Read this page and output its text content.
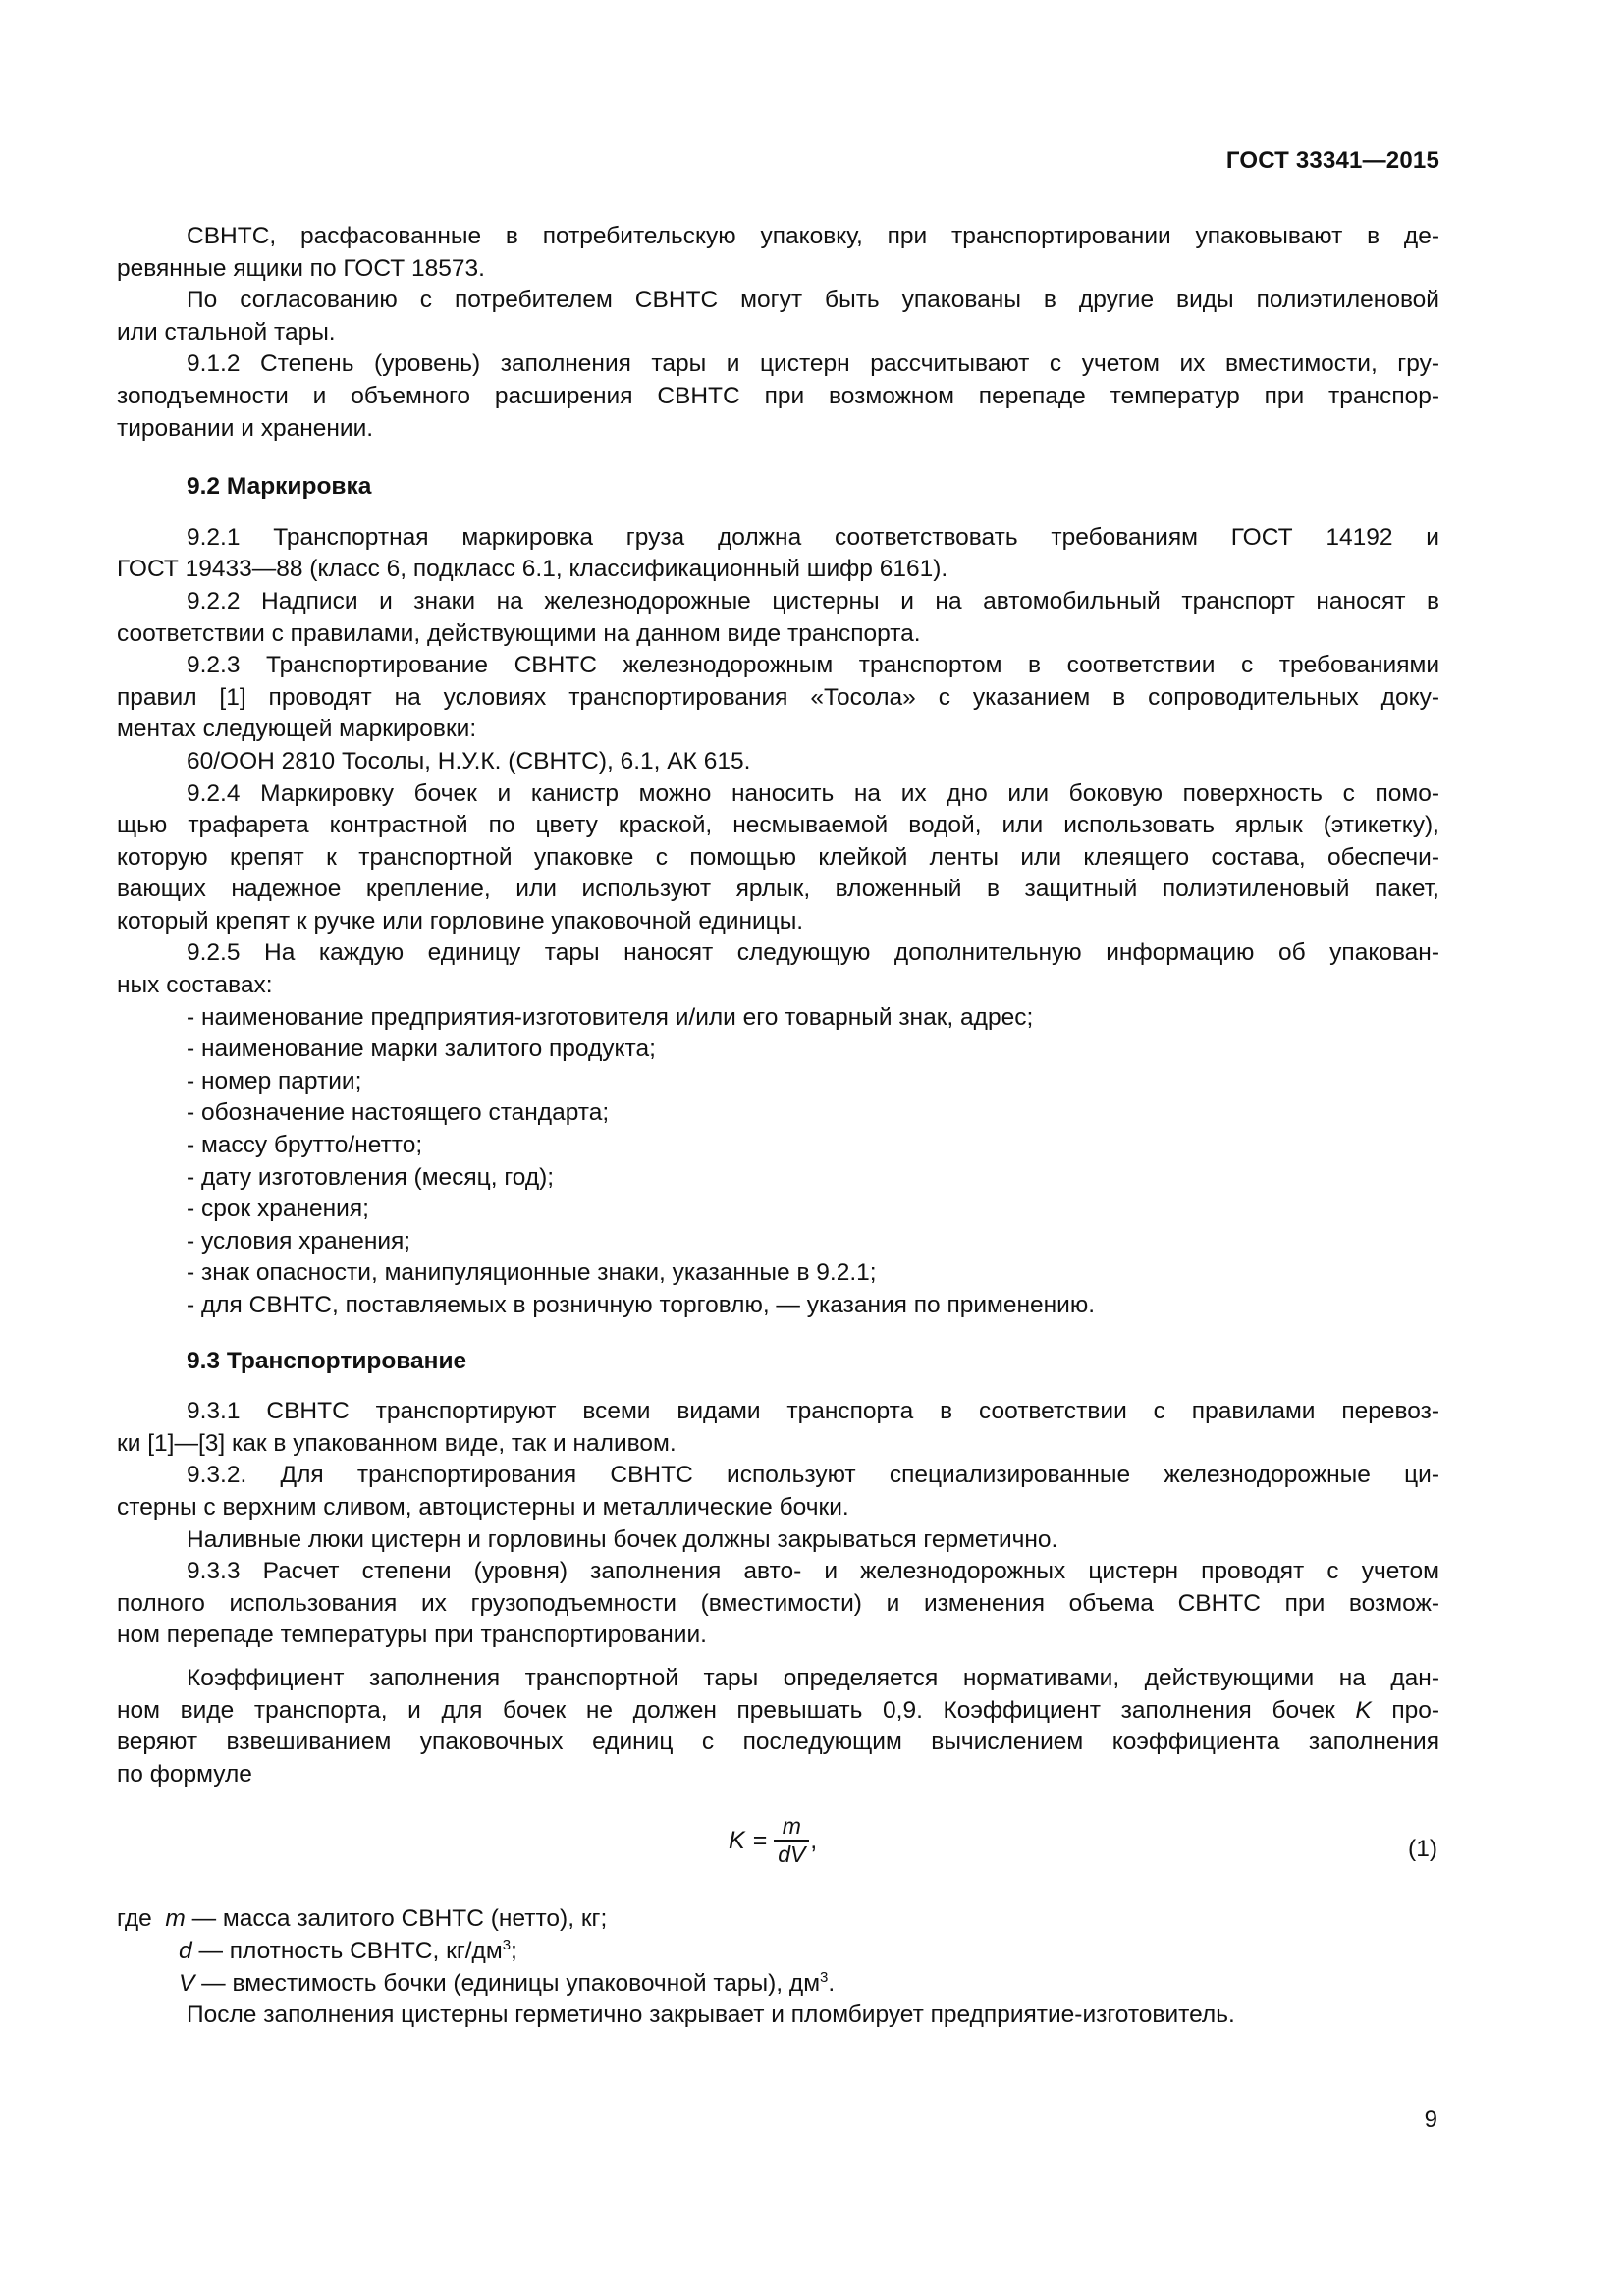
ГОСТ 33341—2015
СВНТС, расфасованные в потребительскую упаковку, при транспортировании упаковывают в де-
ревянные ящики по ГОСТ 18573.
По согласованию с потребителем СВНТС могут быть упакованы в другие виды полиэтиленовой
или стальной тары.
9.1.2 Степень (уровень) заполнения тары и цистерн рассчитывают с учетом их вместимости, гру-
зоподъемности и объемного расширения СВНТС при возможном перепаде температур при транспор-
тировании и хранении.
9.2 Маркировка
9.2.1 Транспортная маркировка груза должна соответствовать требованиям ГОСТ 14192 и
ГОСТ 19433—88 (класс 6, подкласс 6.1, классификационный шифр 6161).
9.2.2 Надписи и знаки на железнодорожные цистерны и на автомобильный транспорт наносят в
соответствии с правилами, действующими на данном виде транспорта.
9.2.3 Транспортирование СВНТС железнодорожным транспортом в соответствии с требованиями
правил [1] проводят на условиях транспортирования «Тосола» с указанием в сопроводительных доку-
ментах следующей маркировки:
60/ООН 2810 Тосолы, Н.У.К. (СВНТС), 6.1, АК 615.
9.2.4 Маркировку бочек и канистр можно наносить на их дно или боковую поверхность с помо-
щью трафарета контрастной по цвету краской, несмываемой водой, или использовать ярлык (этикетку),
которую крепят к транспортной упаковке с помощью клейкой ленты или клеящего состава, обеспечи-
вающих надежное крепление, или используют ярлык, вложенный в защитный полиэтиленовый пакет,
который крепят к ручке или горловине упаковочной единицы.
9.2.5 На каждую единицу тары наносят следующую дополнительную информацию об упакован-
ных составах:
- наименование предприятия-изготовителя и/или его товарный знак, адрес;
- наименование марки залитого продукта;
- номер партии;
- обозначение настоящего стандарта;
- массу брутто/нетто;
- дату изготовления (месяц, год);
- срок хранения;
- условия хранения;
- знак опасности, манипуляционные знаки, указанные в 9.2.1;
- для СВНТС, поставляемых в розничную торговлю, — указания по применению.
9.3 Транспортирование
9.3.1 СВНТС транспортируют всеми видами транспорта в соответствии с правилами перевоз-
ки [1]—[3] как в упакованном виде, так и наливом.
9.3.2. Для транспортирования СВНТС используют специализированные железнодорожные ци-
стерны с верхним сливом, автоцистерны и металлические бочки.
Наливные люки цистерн и горловины бочек должны закрываться герметично.
9.3.3 Расчет степени (уровня) заполнения авто- и железнодорожных цистерн проводят с учетом
полного использования их грузоподъемности (вместимости) и изменения объема СВНТС при возмож-
ном перепаде температуры при транспортировании.
Коэффициент заполнения транспортной тары определяется нормативами, действующими на дан-
ном виде транспорта, и для бочек не должен превышать 0,9. Коэффициент заполнения бочек K про-
веряют взвешиванием упаковочных единиц с последующим вычислением коэффициента заполнения
по формуле
$K = \frac{m}{dV}$ ,	(1)
где m — масса залитого СВНТС (нетто), кг;
d — плотность СВНТС, $кг/дм^3$;
V — вместимость бочки (единицы упаковочной тары), $дм^3$.
После заполнения цистерны герметично закрывает и пломбирует предприятие-изготовитель.
9
